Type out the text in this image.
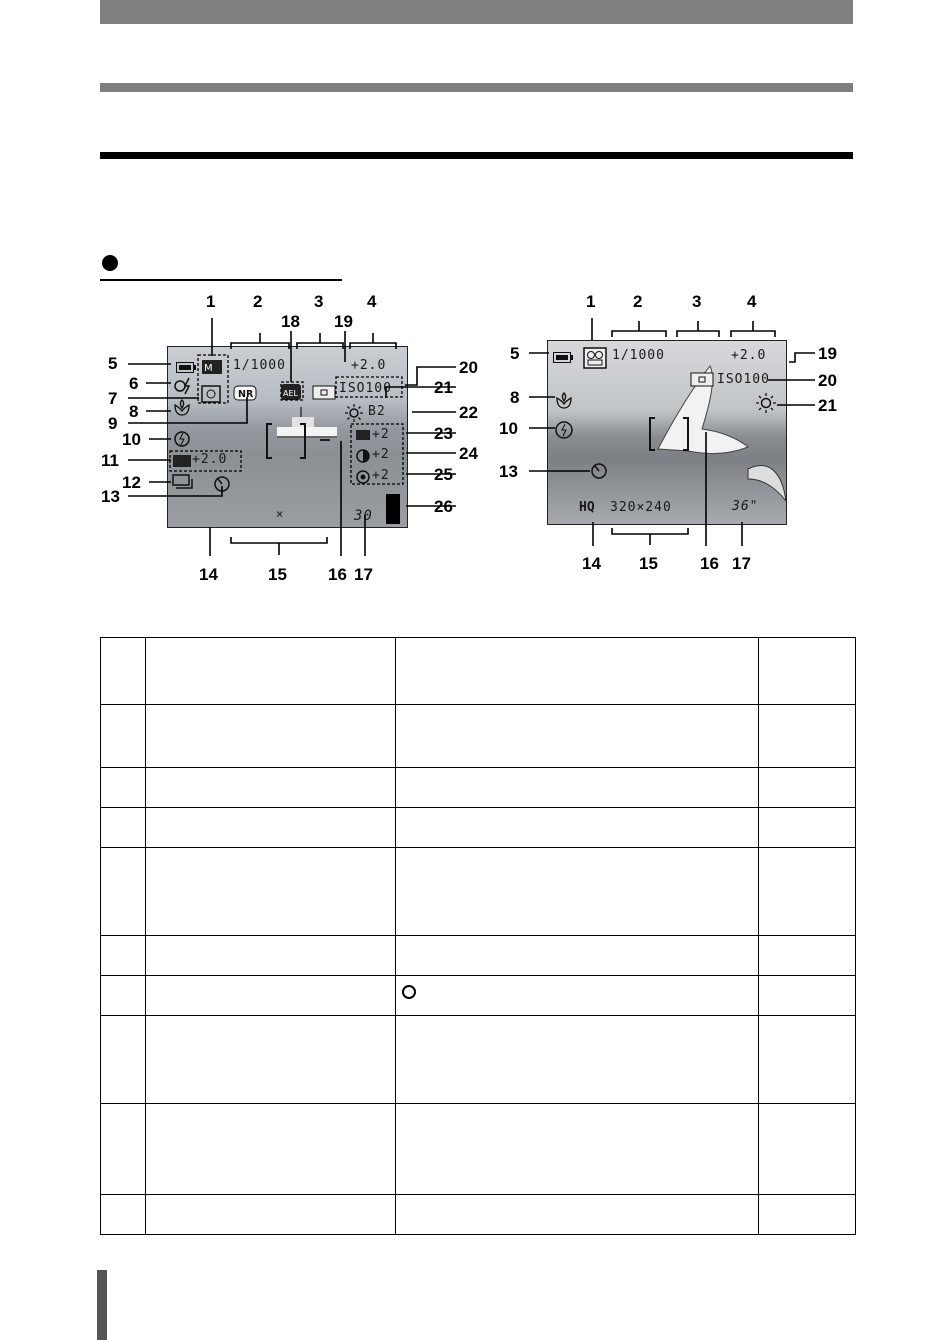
1/1000	+2.0
M
NR	AEL	ISO100
B2
+2.0
+2
+2
+2
×	30
1/1000	+2.0
ISO100
HQ 320×240	36"
1 2	3	4
5
6
7
8
9
10
11
12
13
14	15 16 17
18 19
20
21
22
23
24
25
26
1 2	3	4
5
8
10
13
14 15 16 17
19
20
21
